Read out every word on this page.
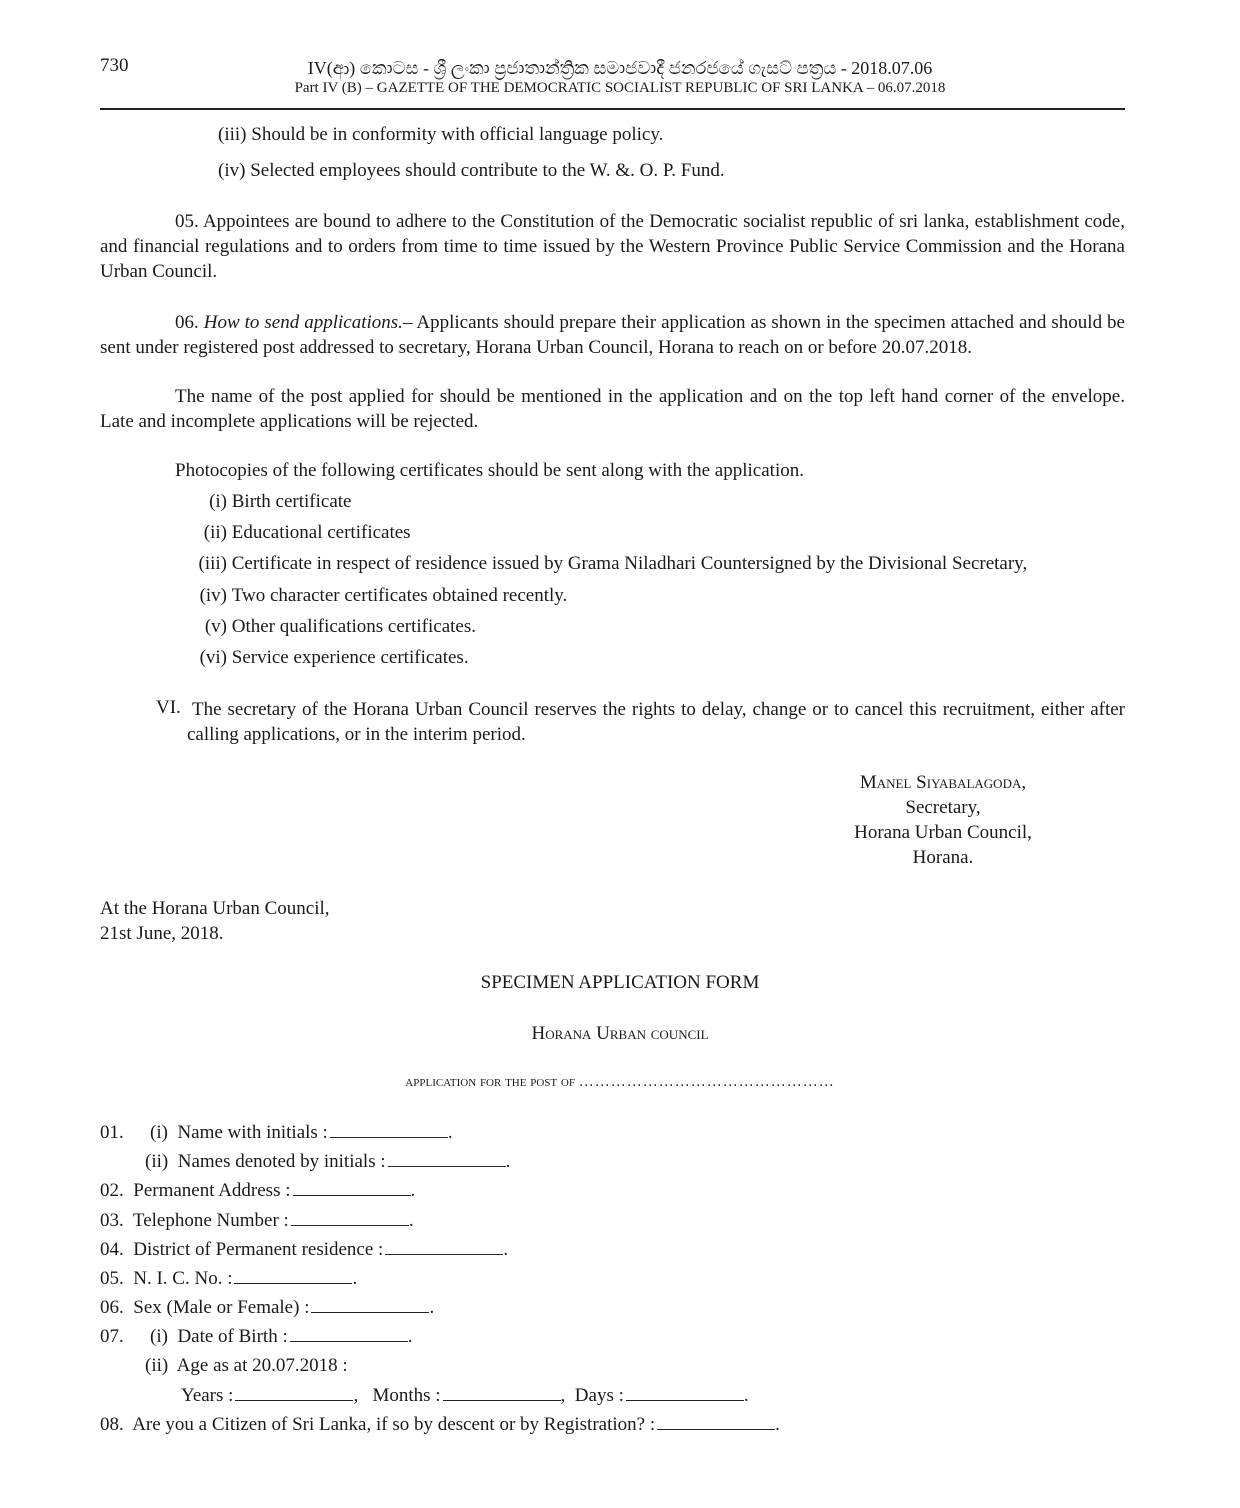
730	IV(ආ) කොටස - ශ්‍රී ලංකා ප්‍රජාතාන්ත්‍රික සමාජවාදී ජනරජයේ ගැසට් පත්‍රය - 2018.07.06
Part IV (B) – GAZETTE OF THE DEMOCRATIC SOCIALIST REPUBLIC OF SRI LANKA – 06.07.2018
(iii) Should be in conformity with official language policy.
(iv) Selected employees should contribute to the W. &. O. P. Fund.
05. Appointees are bound to adhere to the Constitution of the Democratic socialist republic of sri lanka, establishment code, and financial regulations and to orders from time to time issued by the Western Province Public Service Commission and the Horana Urban Council.
06. How to send applications.– Applicants should prepare their application as shown in the specimen attached and should be sent under registered post addressed to secretary, Horana Urban Council, Horana to reach on or before 20.07.2018.
The name of the post applied for should be mentioned in the application and on the top left hand corner of the envelope. Late and incomplete applications will be rejected.
Photocopies of the following certificates should be sent along with the application.
(i) Birth certificate
(ii) Educational certificates
(iii) Certificate in respect of residence issued by Grama Niladhari Countersigned by the Divisional Secretary,
(iv) Two character certificates obtained recently.
(v) Other qualifications certificates.
(vi) Service experience certificates.
VI. The secretary of the Horana Urban Council reserves the rights to delay, change or to cancel this recruitment, either after calling applications, or in the interim period.
Manel Siyabalagoda,
Secretary,
Horana Urban Council,
Horana.
At the Horana Urban Council,
21st June, 2018.
SPECIMEN APPLICATION FORM
Horana Urban council
application for the post of …………………………………………
01. (i) Name with initials :	.
(ii) Names denoted by initials :	.
02. Permanent Address :	.
03. Telephone Number :	.
04. District of Permanent residence :	.
05. N. I. C. No. :	.
06. Sex (Male or Female) :	.
07. (i) Date of Birth :	.
(ii) Age as at 20.07.2018 :
Years :	,   Months :	,  Days :	.
08. Are you a Citizen of Sri Lanka, if so by descent or by Registration? :	.
